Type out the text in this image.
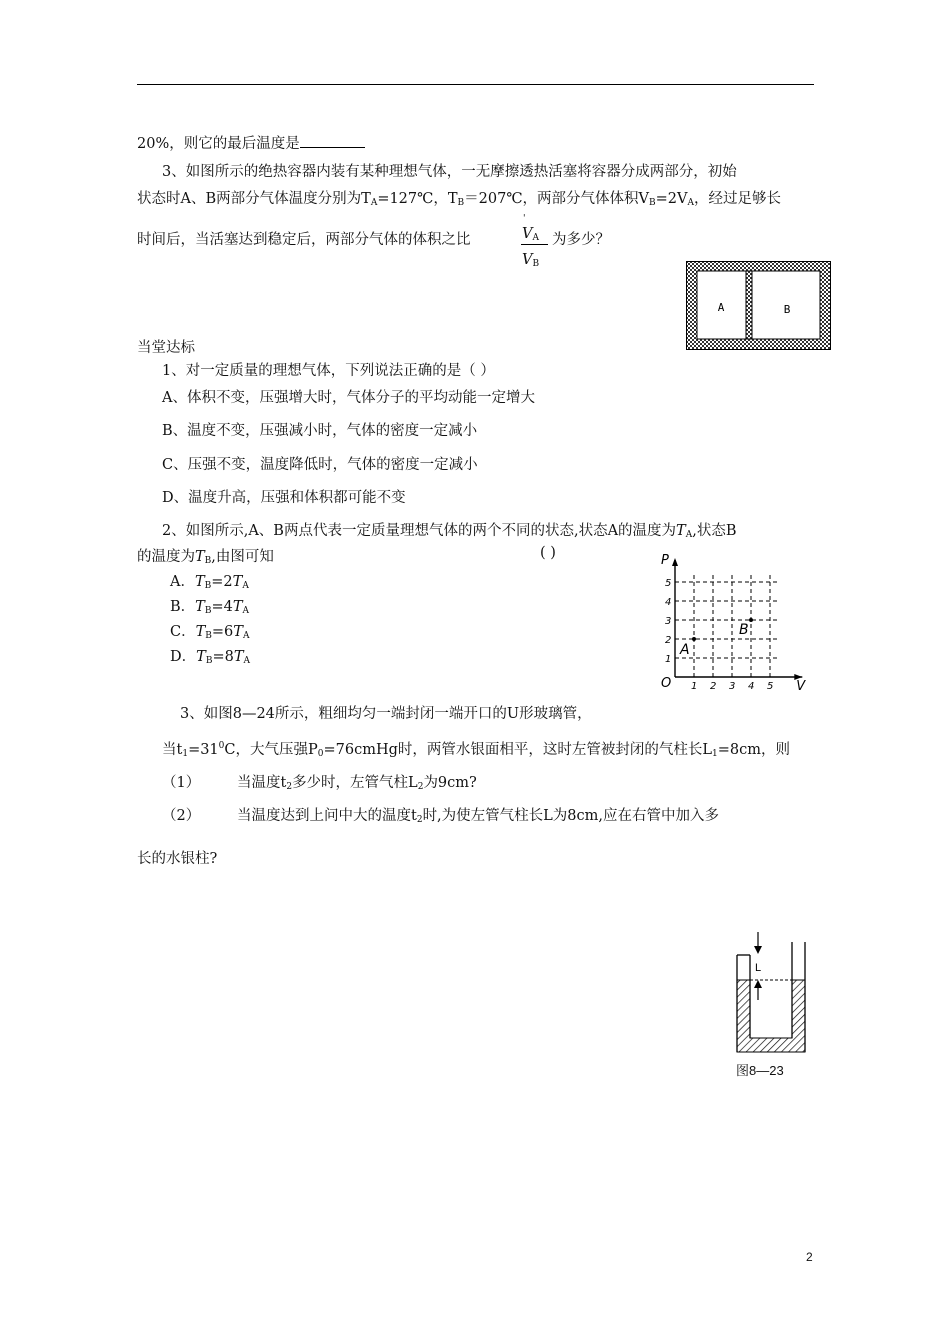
20%，则它的最后温度是
3、如图所示的绝热容器内装有某种理想气体，一无摩擦透热活塞将容器分成两部分，初始
状态时A、B两部分气体温度分别为$T_A=127℃$，$T_B=207℃$，两部分气体体积$V_B=2V_A$，经过足够长
时间后，当活塞达到稳定后，两部分气体的体积之比
'
$V_A$
$V_B$
为多少？
A	B
当堂达标
1、对一定质量的理想气体，下列说法正确的是（ ）
A、体积不变，压强增大时，气体分子的平均动能一定增大
B、温度不变，压强减小时，气体的密度一定减小
C、压强不变，温度降低时，气体的密度一定减小
D、温度升高，压强和体积都可能不变
2、如图所示,A、B两点代表一定质量理想气体的两个不同的状态,状态A的温度为$T_A$,状态B
的温度为$T_B$,由图可知	( )
A．$T_B=2T_A$
B．$T_B=4T_A$
C．$T_B=6T_A$
D．$T_B=8T_A$
P
V
O 1 2 3 4 5
1
2
3
4
5
A
B
3、如图8—24所示，粗细均匀一端封闭一端开口的U形玻璃管，
当$t_1=31^0C$，大气压强$P_0=76cmHg$时，两管水银面相平，这时左管被封闭的气柱长$L_1=8cm$，则
（1）	当温度$t_2$多少时，左管气柱$L_2$为9cm?
（2）	当温度达到上问中大的温度$t_2$时,为使左管气柱长L为8cm,应在右管中加入多
长的水银柱?
L
图8—23
2
